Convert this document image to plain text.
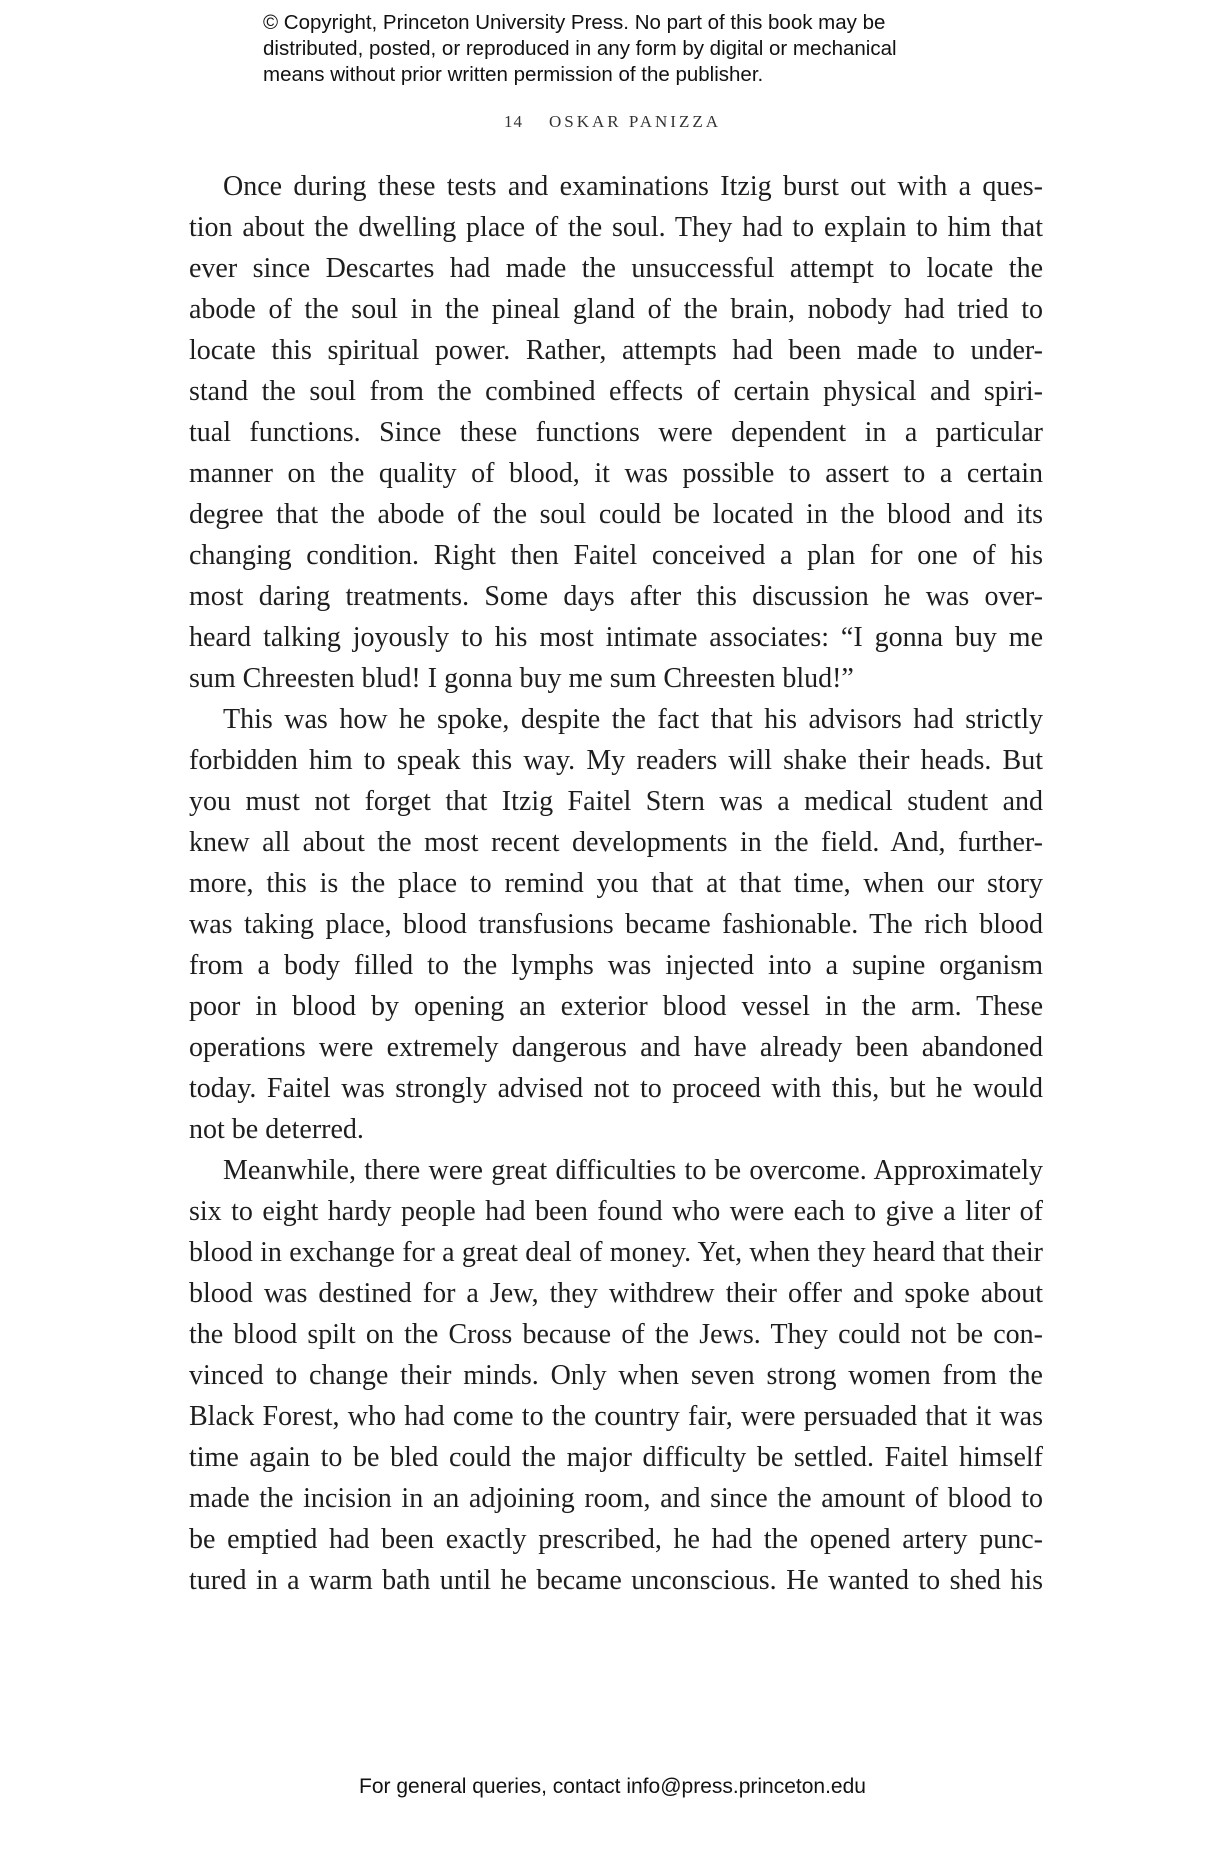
© Copyright, Princeton University Press. No part of this book may be
distributed, posted, or reproduced in any form by digital or mechanical
means without prior written permission of the publisher.
14 OSKAR PANIZZA
Once during these tests and examinations Itzig burst out with a ques-
tion about the dwelling place of the soul. They had to explain to him that
ever since Descartes had made the unsuccessful attempt to locate the
abode of the soul in the pineal gland of the brain, nobody had tried to
locate this spiritual power. Rather, attempts had been made to under-
stand the soul from the combined effects of certain physical and spiri-
tual functions. Since these functions were dependent in a particular
manner on the quality of blood, it was possible to assert to a certain
degree that the abode of the soul could be located in the blood and its
changing condition. Right then Faitel conceived a plan for one of his
most daring treatments. Some days after this discussion he was over-
heard talking joyously to his most intimate associates: “I gonna buy me
sum Chreesten blud! I gonna buy me sum Chreesten blud!”
This was how he spoke, despite the fact that his advisors had strictly
forbidden him to speak this way. My readers will shake their heads. But
you must not forget that Itzig Faitel Stern was a medical student and
knew all about the most recent developments in the field. And, further-
more, this is the place to remind you that at that time, when our story
was taking place, blood transfusions became fashionable. The rich blood
from a body filled to the lymphs was injected into a supine organism
poor in blood by opening an exterior blood vessel in the arm. These
operations were extremely dangerous and have already been abandoned
today. Faitel was strongly advised not to proceed with this, but he would
not be deterred.
Meanwhile, there were great difficulties to be overcome. Approximately
six to eight hardy people had been found who were each to give a liter of
blood in exchange for a great deal of money. Yet, when they heard that their
blood was destined for a Jew, they withdrew their offer and spoke about
the blood spilt on the Cross because of the Jews. They could not be con-
vinced to change their minds. Only when seven strong women from the
Black Forest, who had come to the country fair, were persuaded that it was
time again to be bled could the major difficulty be settled. Faitel himself
made the incision in an adjoining room, and since the amount of blood to
be emptied had been exactly prescribed, he had the opened artery punc-
tured in a warm bath until he became unconscious. He wanted to shed his
For general queries, contact info@press.princeton.edu
